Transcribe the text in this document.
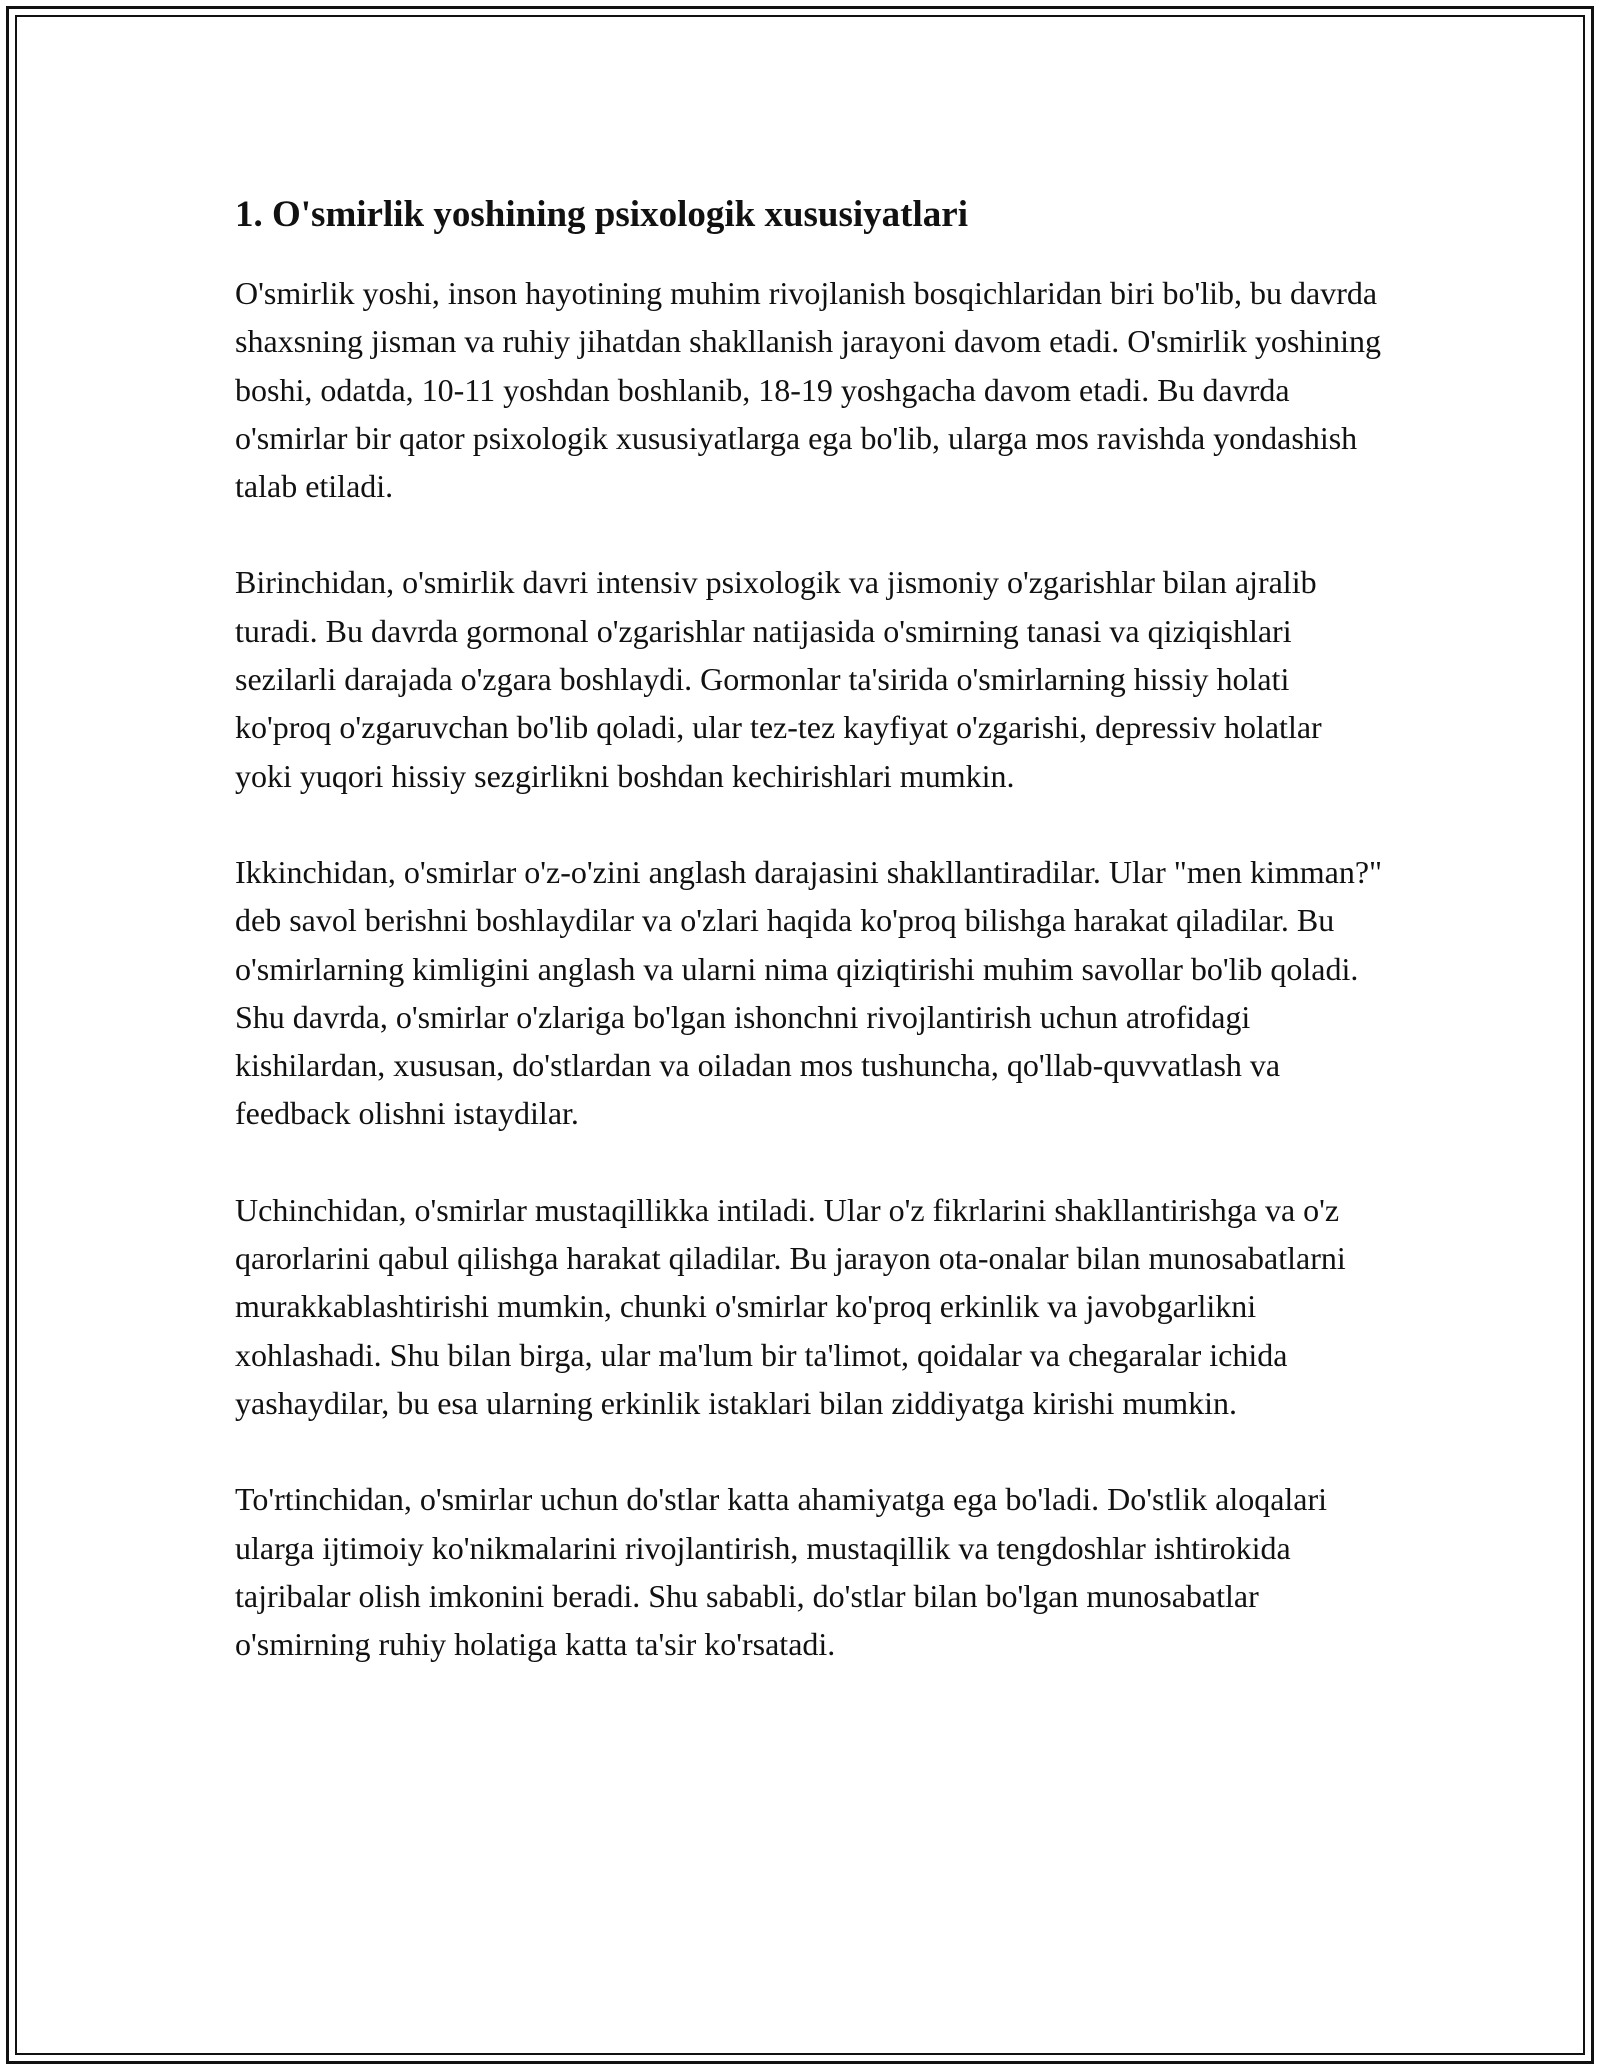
1. O'smirlik yoshining psixologik xususiyatlari

O'smirlik yoshi, inson hayotining muhim rivojlanish bosqichlaridan biri bo'lib, bu davrda shaxsning jisman va ruhiy jihatdan shakllanish jarayoni davom etadi. O'smirlik yoshining boshi, odatda, 10-11 yoshdan boshlanib, 18-19 yoshgacha davom etadi. Bu davrda o'smirlar bir qator psixologik xususiyatlarga ega bo'lib, ularga mos ravishda yondashish talab etiladi.

Birinchidan, o'smirlik davri intensiv psixologik va jismoniy o'zgarishlar bilan ajralib turadi. Bu davrda gormonal o'zgarishlar natijasida o'smirning tanasi va qiziqishlari sezilarli darajada o'zgara boshlaydi. Gormonlar ta'sirida o'smirlarning hissiy holati ko'proq o'zgaruvchan bo'lib qoladi, ular tez-tez kayfiyat o'zgarishi, depressiv holatlar yoki yuqori hissiy sezgirlikni boshdan kechirishlari mumkin.

Ikkinchidan, o'smirlar o'z-o'zini anglash darajasini shakllantiradilar. Ular "men kimman?" deb savol berishni boshlaydilar va o'zlari haqida ko'proq bilishga harakat qiladilar. Bu o'smirlarning kimligini anglash va ularni nima qiziqtirishi muhim savollar bo'lib qoladi. Shu davrda, o'smirlar o'zlariga bo'lgan ishonchni rivojlantirish uchun atrofidagi kishilardan, xususan, do'stlardan va oiladan mos tushuncha, qo'llab-quvvatlash va feedback olishni istaydilar.

Uchinchidan, o'smirlar mustaqillikka intiladi. Ular o'z fikrlarini shakllantirishga va o'z qarorlarini qabul qilishga harakat qiladilar. Bu jarayon ota-onalar bilan munosabatlarni murakkablashtirishi mumkin, chunki o'smirlar ko'proq erkinlik va javobgarlikni xohlashadi. Shu bilan birga, ular ma'lum bir ta'limot, qoidalar va chegaralar ichida yashaydilar, bu esa ularning erkinlik istaklari bilan ziddiyatga kirishi mumkin.

To'rtinchidan, o'smirlar uchun do'stlar katta ahamiyatga ega bo'ladi. Do'stlik aloqalari ularga ijtimoiy ko'nikmalarini rivojlantirish, mustaqillik va tengdoshlar ishtirokida tajribalar olish imkonini beradi. Shu sababli, do'stlar bilan bo'lgan munosabatlar o'smirning ruhiy holatiga katta ta'sir ko'rsatadi.
